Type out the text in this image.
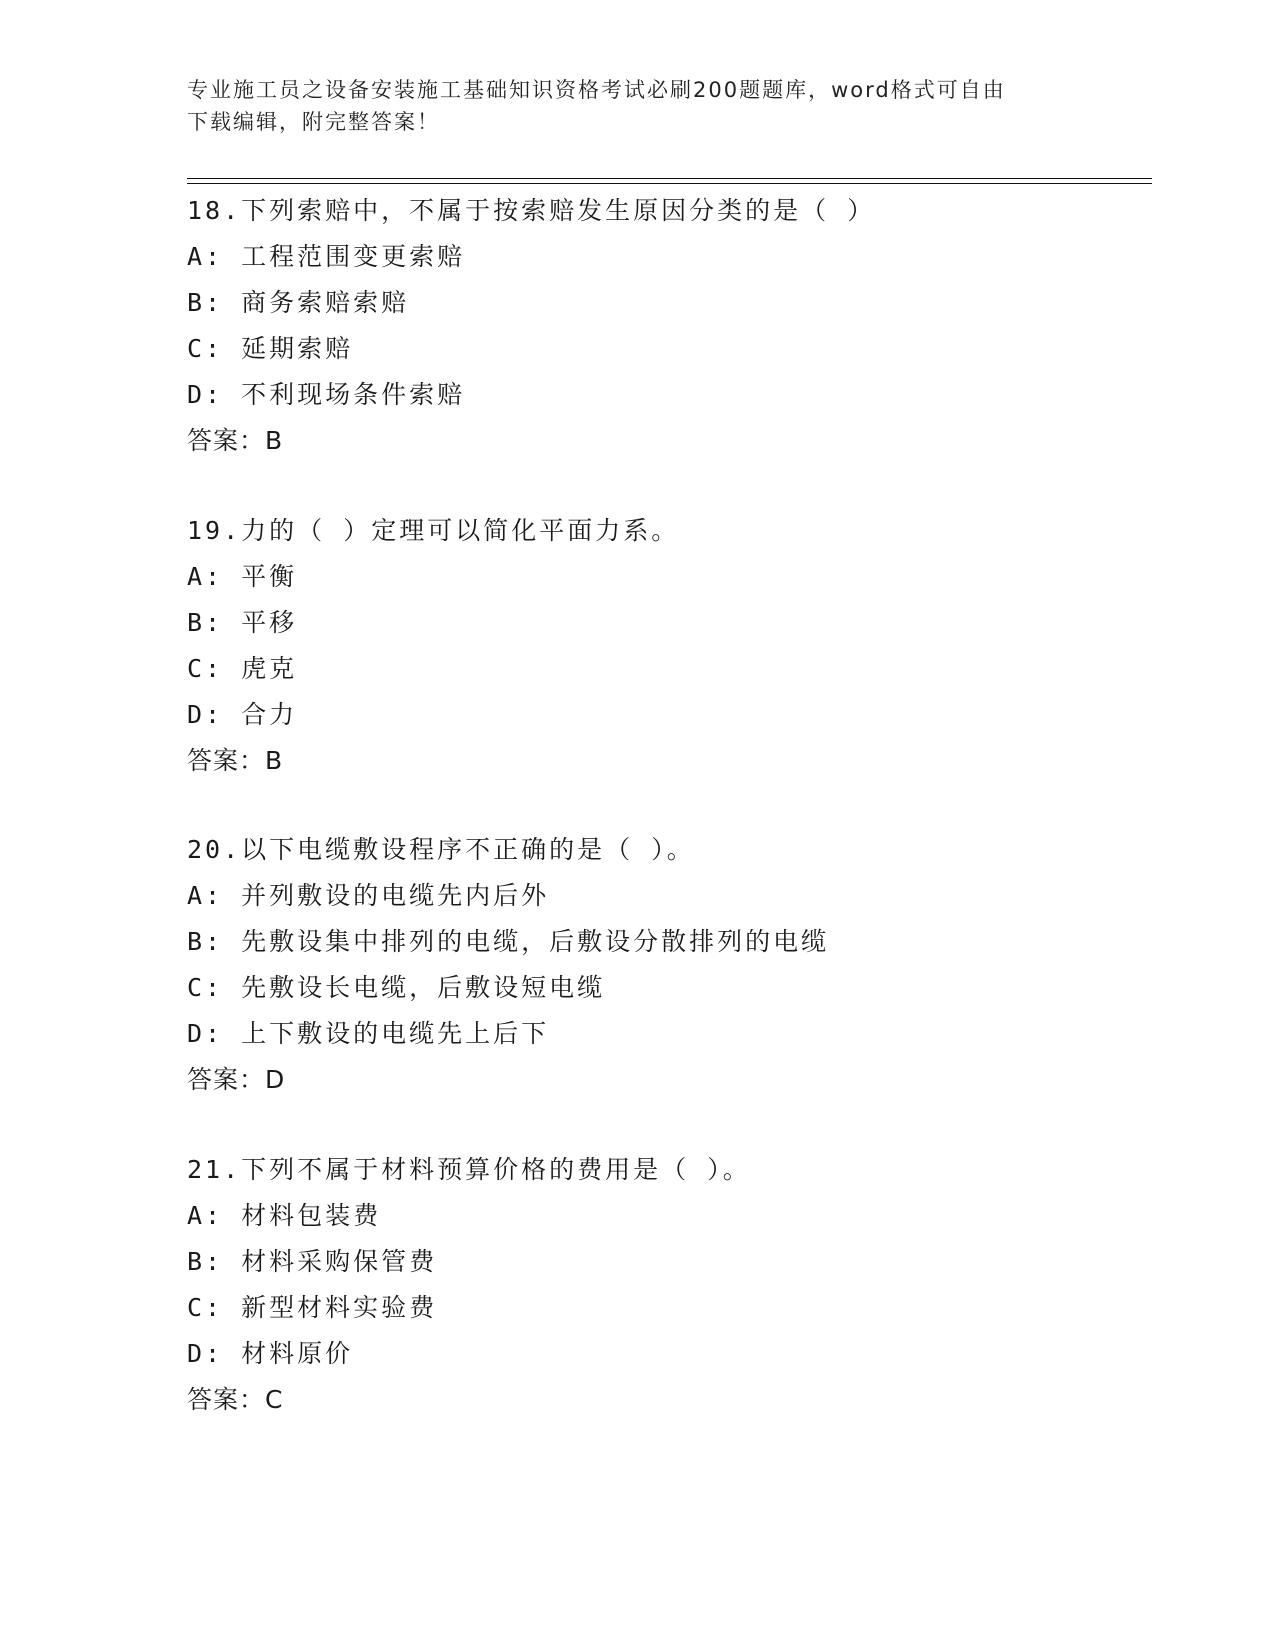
专业施工员之设备安装施工基础知识资格考试必刷200题题库，word格式可自由
下载编辑，附完整答案！
18.下列索赔中，不属于按索赔发生原因分类的是（ ）
A: 工程范围变更索赔
B: 商务索赔索赔
C: 延期索赔
D: 不利现场条件索赔
答案：B
19.力的（ ）定理可以简化平面力系。
A: 平衡
B: 平移
C: 虎克
D: 合力
答案：B
20.以下电缆敷设程序不正确的是（ ）。
A: 并列敷设的电缆先内后外
B: 先敷设集中排列的电缆，后敷设分散排列的电缆
C: 先敷设长电缆，后敷设短电缆
D: 上下敷设的电缆先上后下
答案：D
21.下列不属于材料预算价格的费用是（ ）。
A: 材料包装费
B: 材料采购保管费
C: 新型材料实验费
D: 材料原价
答案：C
